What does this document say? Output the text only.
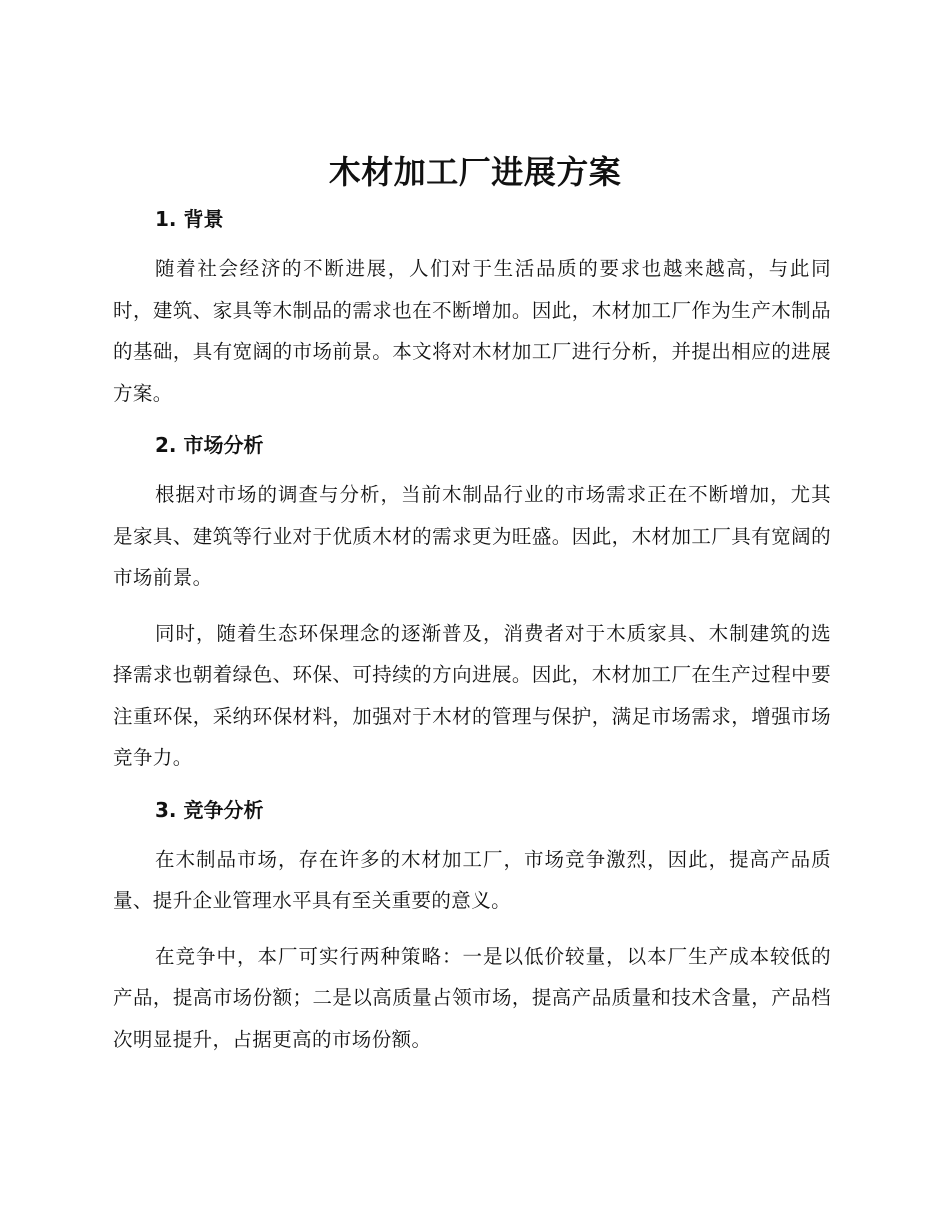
木材加工厂进展方案
1. 背景

随着社会经济的不断进展，人们对于生活品质的要求也越来越高，与此同时，建筑、家具等木制品的需求也在不断增加。因此，木材加工厂作为生产木制品的基础，具有宽阔的市场前景。本文将对木材加工厂进行分析，并提出相应的进展方案。

2. 市场分析

根据对市场的调查与分析，当前木制品行业的市场需求正在不断增加，尤其是家具、建筑等行业对于优质木材的需求更为旺盛。因此，木材加工厂具有宽阔的市场前景。

同时，随着生态环保理念的逐渐普及，消费者对于木质家具、木制建筑的选择需求也朝着绿色、环保、可持续的方向进展。因此，木材加工厂在生产过程中要注重环保，采纳环保材料，加强对于木材的管理与保护，满足市场需求，增强市场竞争力。

3. 竞争分析

在木制品市场，存在许多的木材加工厂，市场竞争激烈，因此，提高产品质量、提升企业管理水平具有至关重要的意义。

在竞争中，本厂可实行两种策略：一是以低价较量，以本厂生产成本较低的产品，提高市场份额；二是以高质量占领市场，提高产品质量和技术含量，产品档次明显提升，占据更高的市场份额。
